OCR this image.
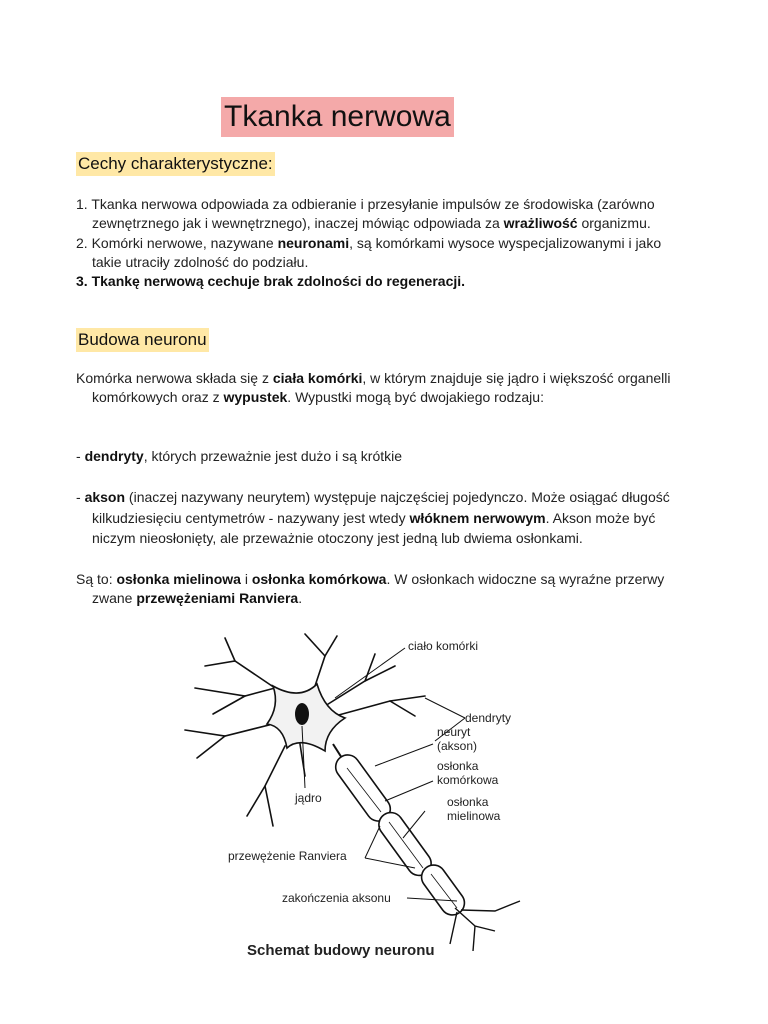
Tkanka nerwowa
Cechy charakterystyczne:

1. Tkanka nerwowa odpowiada za odbieranie i przesyłanie impulsów ze środowiska (zarówno zewnętrznego jak i wewnętrznego), inaczej mówiąc odpowiada za wrażliwość organizmu.

2. Komórki nerwowe, nazywane neuronami, są komórkami wysoce wyspecjalizowanymi i jako takie utraciły zdolność do podziału.

3. Tkankę nerwową cechuje brak zdolności do regeneracji.

Budowa neuronu

Komórka nerwowa składa się z ciała komórki, w którym znajduje się jądro i większość organelli komórkowych oraz z wypustek. Wypustki mogą być dwojakiego rodzaju:

- dendryty, których przeważnie jest dużo i są krótkie

- akson (inaczej nazywany neurytem) występuje najczęściej pojedynczo. Może osiągać długość kilkudziesięciu centymetrów - nazywany jest wtedy włóknem nerwowym. Akson może być niczym nieosłonięty, ale przeważnie otoczony jest jedną lub dwiema osłonkami.

Są to: osłonka mielinowa i osłonka komórkowa. W osłonkach widoczne są wyraźne przerwy zwane przewężeniami Ranviera.

ciało komórki
dendryty
neuryt
(akson)
osłonka
komórkowa
osłonka
mielinowa
jądro
przewężenie Ranviera
zakończenia aksonu
Schemat budowy neuronu
